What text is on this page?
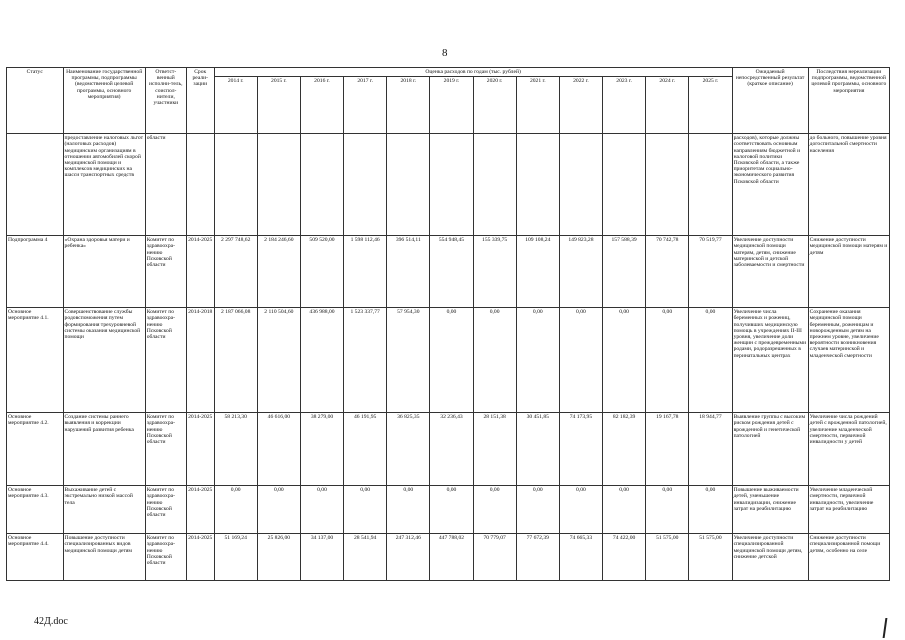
8
Статус	Наименование государственной программы, подпрограммы (ведомственной целевой программы, основного мероприятия)	Ответст-венный исполни-тель, соиспол-нители, участники	Срок реали-зации	Оценка расходов по годам (тыс. рублей)												Ожидаемый непосредственный результат (краткое описание)	Последствия нереализации подпрограммы, ведомственной целевой программы, основного мероприятия
				2014 г.	2015 г.	2016 г.	2017 г.	2018 г.	2019 г.	2020 г.	2021 г.	2022 г.	2023 г.	2024 г.	2025 г.		
	предоставление налоговых льгот (налоговых расходов) медицинским организациям в отношении автомобилей скорой медицинской помощи и комплексов медицинских на шасси транспортных средств	области														расходов), которые должны соответствовать основным направлениям бюджетной и налоговой политики Псковской области, а также приоритетам социально-экономического развития Псковской области	до больного, повышение уровня догоспитальной смертности населения
Подпрограмма 4	«Охрана здоровья матери и ребенка»	Комитет по здравоохра-нению Псковской области	2014-2025	2 297 748,62	2 184 246,60	509 520,00	1 598 112,46	396 514,11	554 948,45	155 339,75	109 108,24	149 823,28	157 588,39	70 742,78	70 519,77	Увеличение доступности медицинской помощи матерям, детям, снижение материнской и детской заболеваемости и смертности	Снижение доступности медицинской помощи матерям и детям
Основное мероприятие 4.1.	Совершенствование службы родовспоможения путем формирования трехуровневой системы оказания медицинской помощи	Комитет по здравоохра-нению Псковской области	2014-2018	2 187 066,08	2 110 504,60	436 988,00	1 523 337,77	57 954,30	0,00	0,00	0,00	0,00	0,00	0,00	0,00	Увеличение числа беременных и рожениц, получивших медицинскую помощь в учреждениях II-III уровня, увеличение доли женщин с преждевременными родами, родоразрешенных в перинатальных центрах	Сохранение оказания медицинской помощи беременным, роженицам и новорожденным детям на прежнем уровне, увеличение вероятности возникновения случаев материнской и младенческой смертности
Основное мероприятие 4.2.	Создание системы раннего выявления и коррекции нарушений развития ребенка	Комитет по здравоохра-нению Псковской области	2014-2025	58 213,30	46 616,00	38 279,00	46 191,95	36 825,35	32 236,43	28 151,38	30 451,85	74 173,95	82 182,39	19 167,78	18 944,77	Выявление группы с высоким риском рождения детей с врожденной и генетической патологией	Увеличение числа рождений детей с врожденной патологией, увеличение младенческой смертности, первичной инвалидности у детей
Основное мероприятие 4.3.	Выхаживание детей с экстремально низкой массой тела	Комитет по здравоохра-нению Псковской области	2014-2025	0,00	0,00	0,00	0,00	0,00	0,00	0,00	0,00	0,00	0,00	0,00	0,00	Повышение выживаемости детей, уменьшение инвалидизации, снижение затрат на реабилитацию	Увеличение младенческой смертности, первичной инвалидности, увеличение затрат на реабилитацию
Основное мероприятие 4.4.	Повышение доступности специализированных видов медицинской помощи детям	Комитет по здравоохра-нению Псковской области	2014-2025	51 169,24	25 826,00	34 137,00	28 541,94	247 312,46	447 788,02	70 779,07	77 672,39	74 665,33	74 422,00	51 575,00	51 575,00	Увеличение доступности специализированной медицинской помощи детям, снижение детской	Снижение доступности специализированной помощи детям, особенно на селе
42Д.doc
